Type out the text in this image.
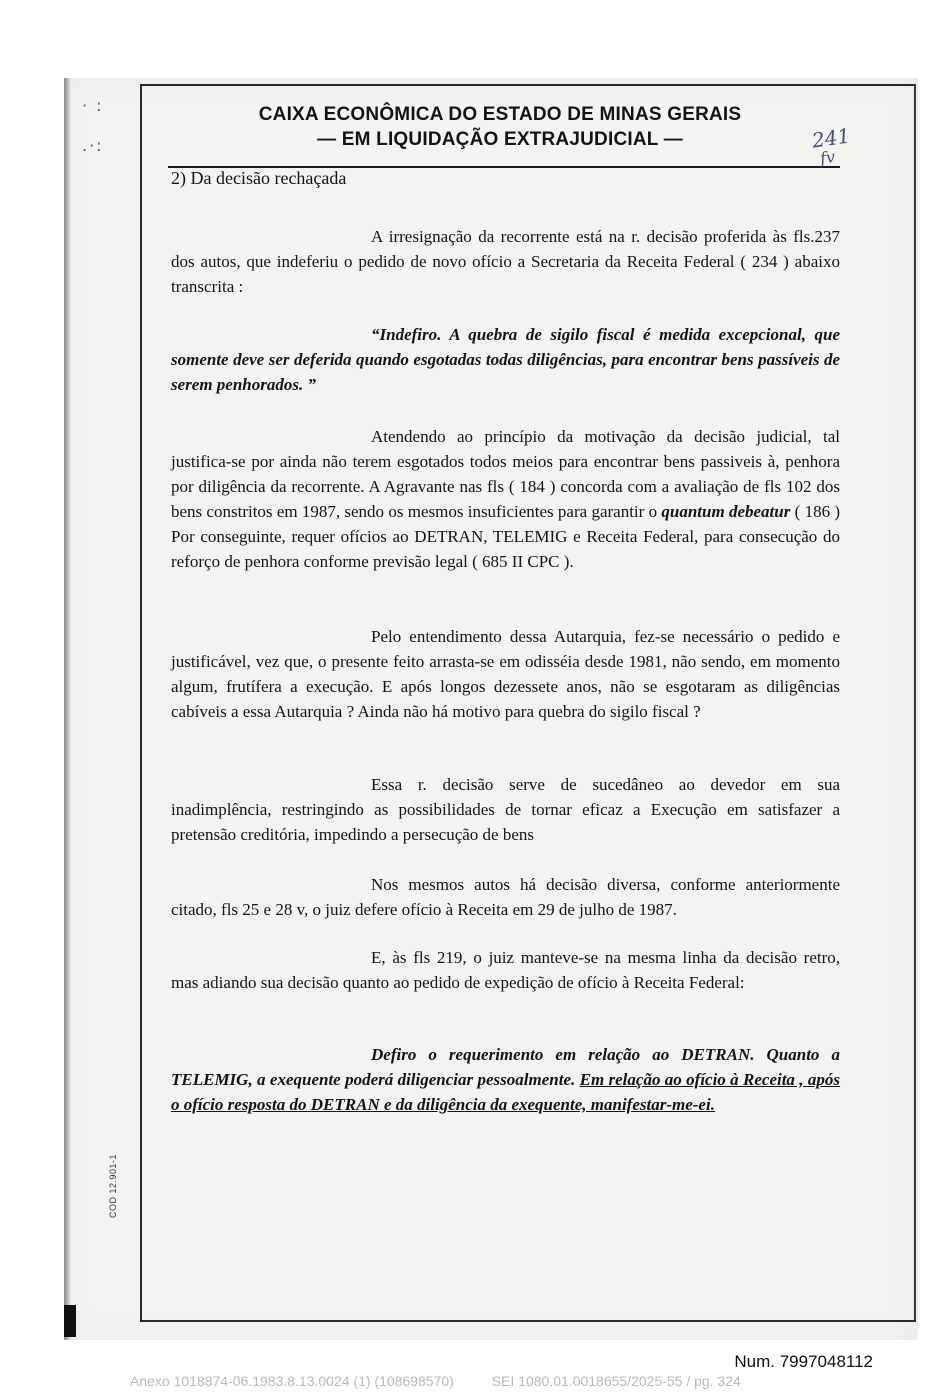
· :
.·:
CAIXA ECONÔMICA DO ESTADO DE MINAS GERAIS
— EM LIQUIDAÇÃO EXTRAJUDICIAL —	241
fv
2) Da decisão rechaçada
A irresignação da recorrente está na r. decisão proferida às fls.237 dos autos, que indeferiu o pedido de novo ofício a Secretaria da Receita Federal ( 234 ) abaixo transcrita :
“Indefiro. A quebra de sigilo fiscal é medida excepcional, que somente deve ser deferida quando esgotadas todas diligências, para encontrar bens passíveis de serem penhorados. ”
Atendendo ao princípio da motivação da decisão judicial, tal justifica-se por ainda não terem esgotados todos meios para encontrar bens passiveis à, penhora por diligência da recorrente. A Agravante nas fls ( 184 ) concorda com a avaliação de fls 102 dos bens constritos em 1987, sendo os mesmos insuficientes para garantir o quantum debeatur ( 186 ) Por conseguinte, requer ofícios ao DETRAN, TELEMIG e Receita Federal, para consecução do reforço de penhora conforme previsão legal ( 685 II CPC ).
Pelo entendimento dessa Autarquia, fez-se necessário o pedido e justificável, vez que, o presente feito arrasta-se em odisséia desde 1981, não sendo, em momento algum, frutífera a execução. E após longos dezessete anos, não se esgotaram as diligências cabíveis a essa Autarquia ? Ainda não há motivo para quebra do sigilo fiscal ?
Essa r. decisão serve de sucedâneo ao devedor em sua inadimplência, restringindo as possibilidades de tornar eficaz a Execução em satisfazer a pretensão creditória, impedindo a persecução de bens
Nos mesmos autos há decisão diversa, conforme anteriormente citado, fls 25 e 28 v, o juiz defere ofício à Receita em 29 de julho de 1987.
E, às fls 219, o juiz manteve-se na mesma linha da decisão retro, mas adiando sua decisão quanto ao pedido de expedição de ofício à Receita Federal:
Defiro o requerimento em relação ao DETRAN. Quanto a TELEMIG, a exequente poderá diligenciar pessoalmente. Em relação ao ofício à Receita , após o ofício resposta do DETRAN e da diligência da exequente, manifestar-me-ei.
COD 12.901-1
Num. 7997048112
Anexo 1018874-06.1983.8.13.0024 (1) (108698570)	SEI 1080.01.0018655/2025-55 / pg. 324
